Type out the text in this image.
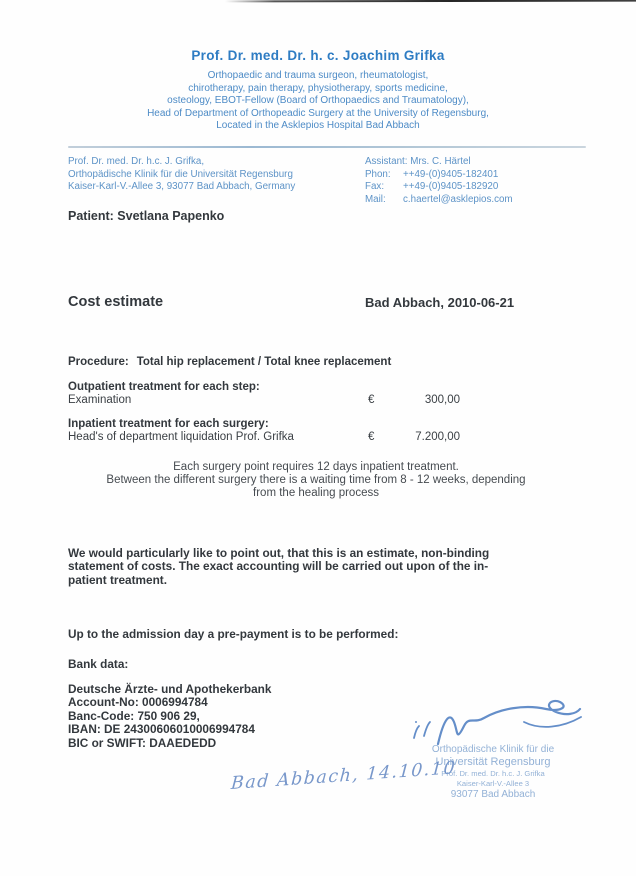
Prof. Dr. med. Dr. h. c. Joachim Grifka
Orthopaedic and trauma surgeon, rheumatologist,
chirotherapy, pain therapy, physiotherapy, sports medicine,
osteology, EBOT-Fellow (Board of Orthopaedics and Traumatology),
Head of Department of Orthopeadic Surgery at the University of Regensburg,
Located in the Asklepios Hospital Bad Abbach
Prof. Dr. med. Dr. h.c. J. Grifka,
Orthopädische Klinik für die Universität Regensburg
Kaiser-Karl-V.-Allee 3, 93077 Bad Abbach, Germany
Assistant: Mrs. C. Härtel
Phon:	++49-(0)9405-182401
Fax:	++49-(0)9405-182920
Mail:	c.haertel@asklepios.com
Patient: Svetlana Papenko
Cost estimate	Bad Abbach, 2010-06-21
Procedure: Total hip replacement / Total knee replacement
Outpatient treatment for each step:
Examination	€	300,00
Inpatient treatment for each surgery:
Head's of department liquidation Prof. Grifka	€	7.200,00
Each surgery point requires 12 days inpatient treatment.
Between the different surgery there is a waiting time from 8 - 12 weeks, depending
from the healing process
We would particularly like to point out, that this is an estimate, non-binding
statement of costs. The exact accounting will be carried out upon of the in-
patient treatment.
Up to the admission day a pre-payment is to be performed:
Bank data:
Deutsche Ärzte- und Apothekerbank
Account-No: 0006994784
Banc-Code: 750 906 29,
IBAN: DE 24300606010006994784
BIC or SWIFT: DAAEDEDD	Orthopädische Klinik für die
Universität Regensburg
Prof. Dr. med. Dr. h.c. J. Grifka
Kaiser-Karl-V.-Allee 3
93077 Bad Abbach
Bad Abbach, 14.10.10
